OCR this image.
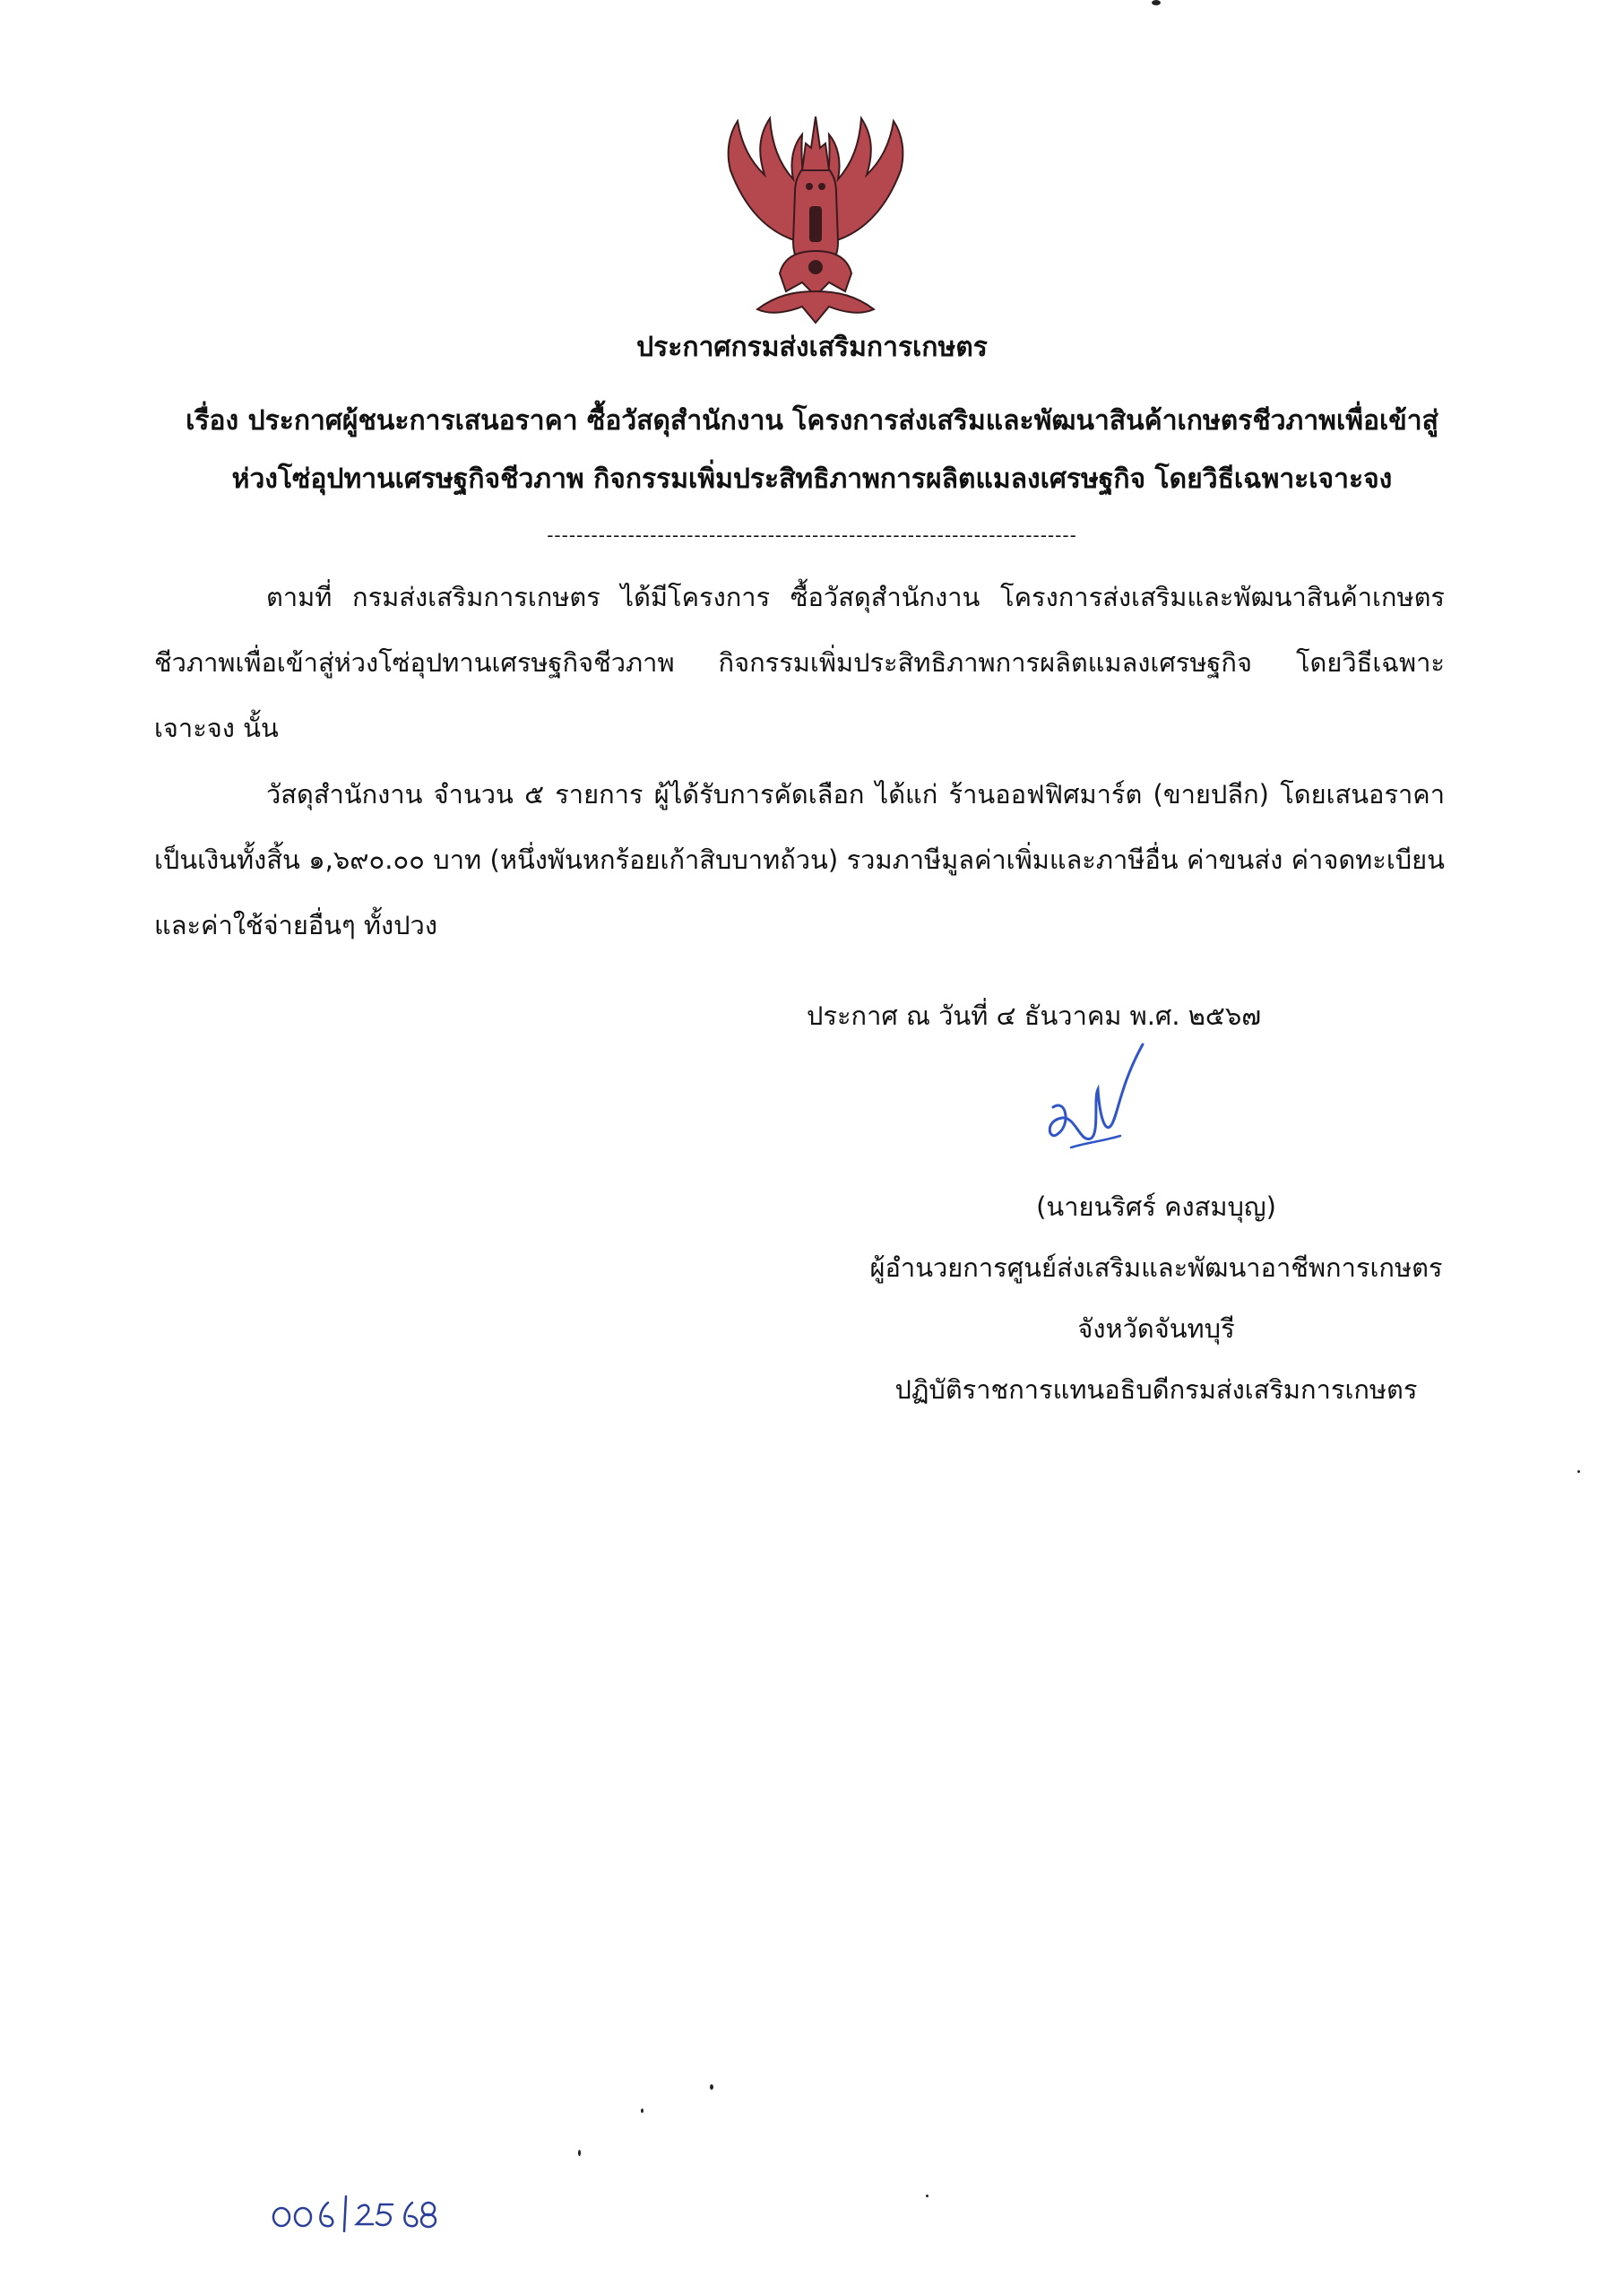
ประกาศกรมส่งเสริมการเกษตร
เรื่อง ประกาศผู้ชนะการเสนอราคา ซื้อวัสดุสำนักงาน โครงการส่งเสริมและพัฒนาสินค้าเกษตรชีวภาพเพื่อเข้าสู่
ห่วงโซ่อุปทานเศรษฐกิจชีวภาพ กิจกรรมเพิ่มประสิทธิภาพการผลิตแมลงเศรษฐกิจ โดยวิธีเฉพาะเจาะจง
------------------------------------------------------------------------

ตามที่ กรมส่งเสริมการเกษตร ได้มีโครงการ ซื้อวัสดุสำนักงาน โครงการส่งเสริมและพัฒนาสินค้าเกษตรชีวภาพเพื่อเข้าสู่ห่วงโซ่อุปทานเศรษฐกิจชีวภาพ กิจกรรมเพิ่มประสิทธิภาพการผลิตแมลงเศรษฐกิจ โดยวิธีเฉพาะเจาะจง นั้น

วัสดุสำนักงาน จำนวน ๕ รายการ ผู้ได้รับการคัดเลือก ได้แก่ ร้านออฟฟิศมาร์ต (ขายปลีก) โดยเสนอราคา เป็นเงินทั้งสิ้น ๑,๖๙๐.๐๐ บาท (หนึ่งพันหกร้อยเก้าสิบบาทถ้วน) รวมภาษีมูลค่าเพิ่มและภาษีอื่น ค่าขนส่ง ค่าจดทะเบียน และค่าใช้จ่ายอื่นๆ ทั้งปวง

ประกาศ ณ วันที่ ๔ ธันวาคม พ.ศ. ๒๕๖๗
(นายนริศร์ คงสมบุญ)
ผู้อำนวยการศูนย์ส่งเสริมและพัฒนาอาชีพการเกษตร
จังหวัดจันทบุรี
ปฏิบัติราชการแทนอธิบดีกรมส่งเสริมการเกษตร
